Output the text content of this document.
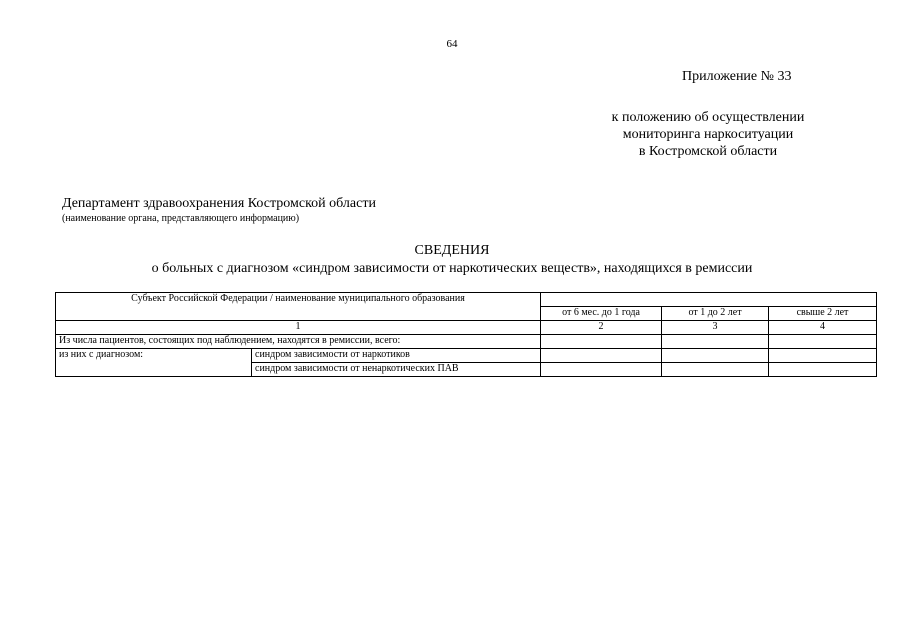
64
Приложение № 33
к положению об осуществлении
мониторинга наркоситуации
в Костромской области
Департамент здравоохранения Костромской области
(наименование органа, представляющего информацию)
СВЕДЕНИЯ
о больных с диагнозом «синдром зависимости от наркотических веществ», находящихся в ремиссии
Субъект Российской Федерации / наименование муниципального образования				
		от 6 мес. до 1 года	от 1 до 2 лет	свыше 2 лет
1		2	3	4
Из числа пациентов, состоящих под наблюдением, находятся в ремиссии, всего:				
из них с диагнозом:	синдром зависимости от наркотиков			
	синдром зависимости от ненаркотических ПАВ			
